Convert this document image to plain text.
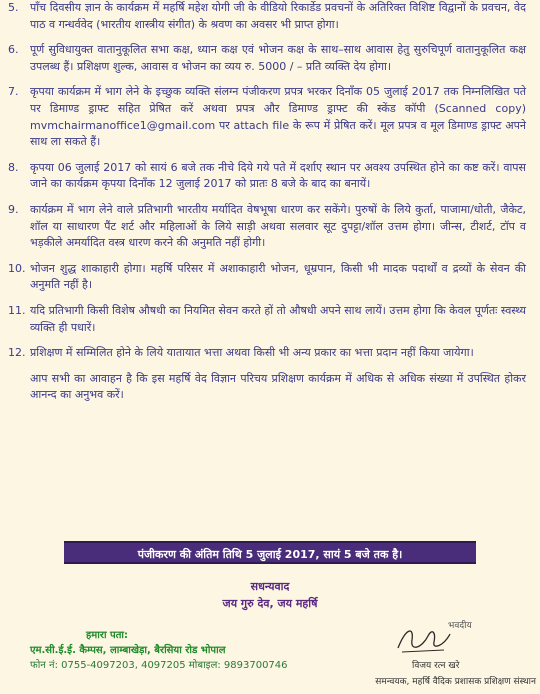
5. पाँच दिवसीय ज्ञान के कार्यक्रम में महर्षि महेश योगी जी के वीडियो रिकार्डेड प्रवचनों के अतिरिक्त विशिष्ट विद्वानों के प्रवचन, वेद पाठ व गन्धर्ववेद (भारतीय शास्त्रीय संगीत) के श्रवण का अवसर भी प्राप्त होगा।
6. पूर्ण सुविधायुक्त वातानुकूलित सभा कक्ष, ध्यान कक्ष एवं भोजन कक्ष के साथ–साथ आवास हेतु सुरुचिपूर्ण वातानुकूलित कक्ष उपलब्ध हैं। प्रशिक्षण शुल्क, आवास व भोजन का व्यय रु. 5000 / – प्रति व्यक्ति देय होगा।
7. कृपया कार्यक्रम में भाग लेने के इच्छुक व्यक्ति संलग्न पंजीकरण प्रपत्र भरकर दिनाँक 05 जुलाई 2017 तक निम्नलिखित पते पर डिमाण्ड ड्राफ्ट सहित प्रेषित करें अथवा प्रपत्र और डिमाण्ड ड्राफ्ट की स्केंड कॉपी (Scanned copy) mvmchairmanoffice1@gmail.com पर attach file के रूप में प्रेषित करें। मूल प्रपत्र व मूल डिमाण्ड ड्राफ्ट अपने साथ ला सकते हैं।
8. कृपया 06 जुलाई 2017 को सायं 6 बजे तक नीचे दिये गये पते में दर्शाए स्थान पर अवश्य उपस्थित होने का कष्ट करें। वापस जाने का कार्यक्रम कृपया दिनाँक 12 जुलाई 2017 को प्रातः 8 बजे के बाद का बनायें।
9. कार्यक्रम में भाग लेने वाले प्रतिभागी भारतीय मर्यादित वेषभूषा धारण कर सकेंगे। पुरुषों के लिये कुर्ता, पाजामा/धोती, जैकेट, शॉल या साधारण पैंट शर्ट और महिलाओं के लिये साड़ी अथवा सलवार सूट दुपट्टा/शॉल उत्तम होगा। जीन्स, टीशर्ट, टॉप व भड़कीले अमर्यादित वस्त्र धारण करने की अनुमति नहीं होगी।
10. भोजन शुद्ध शाकाहारी होगा। महर्षि परिसर में अशाकाहारी भोजन, धूम्रपान, किसी भी मादक पदार्थों व द्रव्यों के सेवन की अनुमति नहीं है।
11. यदि प्रतिभागी किसी विशेष औषधी का नियमित सेवन करते हों तो औषधी अपने साथ लायें। उत्तम होगा कि केवल पूर्णतः स्वस्थ्य व्यक्ति ही पधारें।
12. प्रशिक्षण में सम्मिलित होने के लिये यातायात भत्ता अथवा किसी भी अन्य प्रकार का भत्ता प्रदान नहीं किया जायेगा।
आप सभी का आवाहन है कि इस महर्षि वेद विज्ञान परिचय प्रशिक्षण कार्यक्रम में अधिक से अधिक संख्या में उपस्थित होकर आनन्द का अनुभव करें।
पंजीकरण की अंतिम तिथि 5 जुलाई 2017, सायं 5 बजे तक है।
सधन्यवाद
जय गुरु देव, जय महर्षि
हमारा पता:
एम.सी.ई.ई. कैम्पस, लाम्बाखेड़ा, बैरसिया रोड भोपाल
फोन नं: 0755-4097203, 4097205 मोबाइल: 9893700746
भवदीय
विजय रत्न खरे
समन्वयक, महर्षि वैदिक प्रशासक प्रशिक्षण संस्थान
